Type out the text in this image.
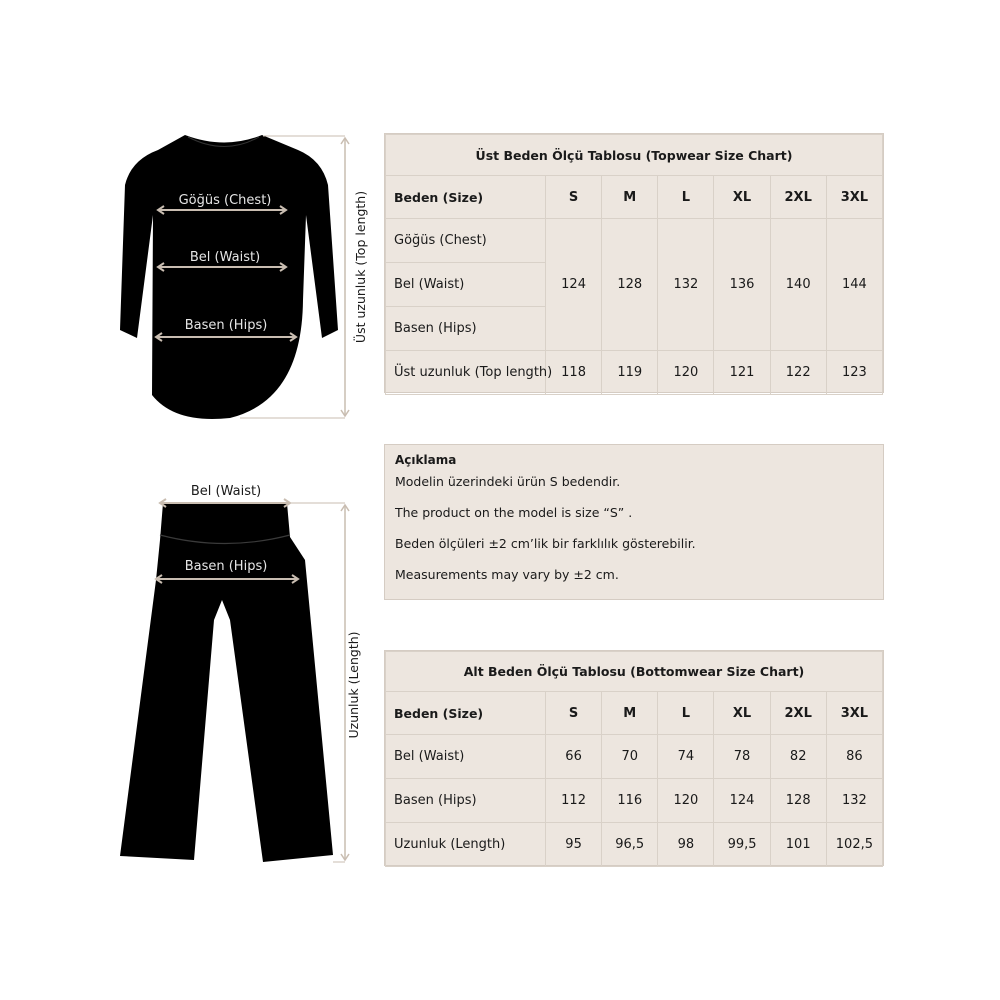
Göğüs (Chest)
Bel (Waist)
Basen (Hips)	Üst uzunluk (Top length)
Bel (Waist)
Basen (Hips)
Uzunluk (Length)
Üst Beden Ölçü Tablosu (Topwear Size Chart)						
Beden (Size)	S	M	L	XL	2XL	3XL
Göğüs (Chest)	124	128	132	136	140	144
Bel (Waist)						
Basen (Hips)						
Üst uzunluk (Top length)	118	119	120	121	122	123
Açıklama
Modelin üzerindeki ürün S bedendir.
The product on the model is size “S” .
Beden ölçüleri ±2 cm’lik bir farklılık gösterebilir.
Measurements may vary by ±2 cm.
Alt Beden Ölçü Tablosu (Bottomwear Size Chart)						
Beden (Size)	S	M	L	XL	2XL	3XL
Bel (Waist)	66	70	74	78	82	86
Basen (Hips)	112	116	120	124	128	132
Uzunluk (Length)	95	96,5	98	99,5	101	102,5
